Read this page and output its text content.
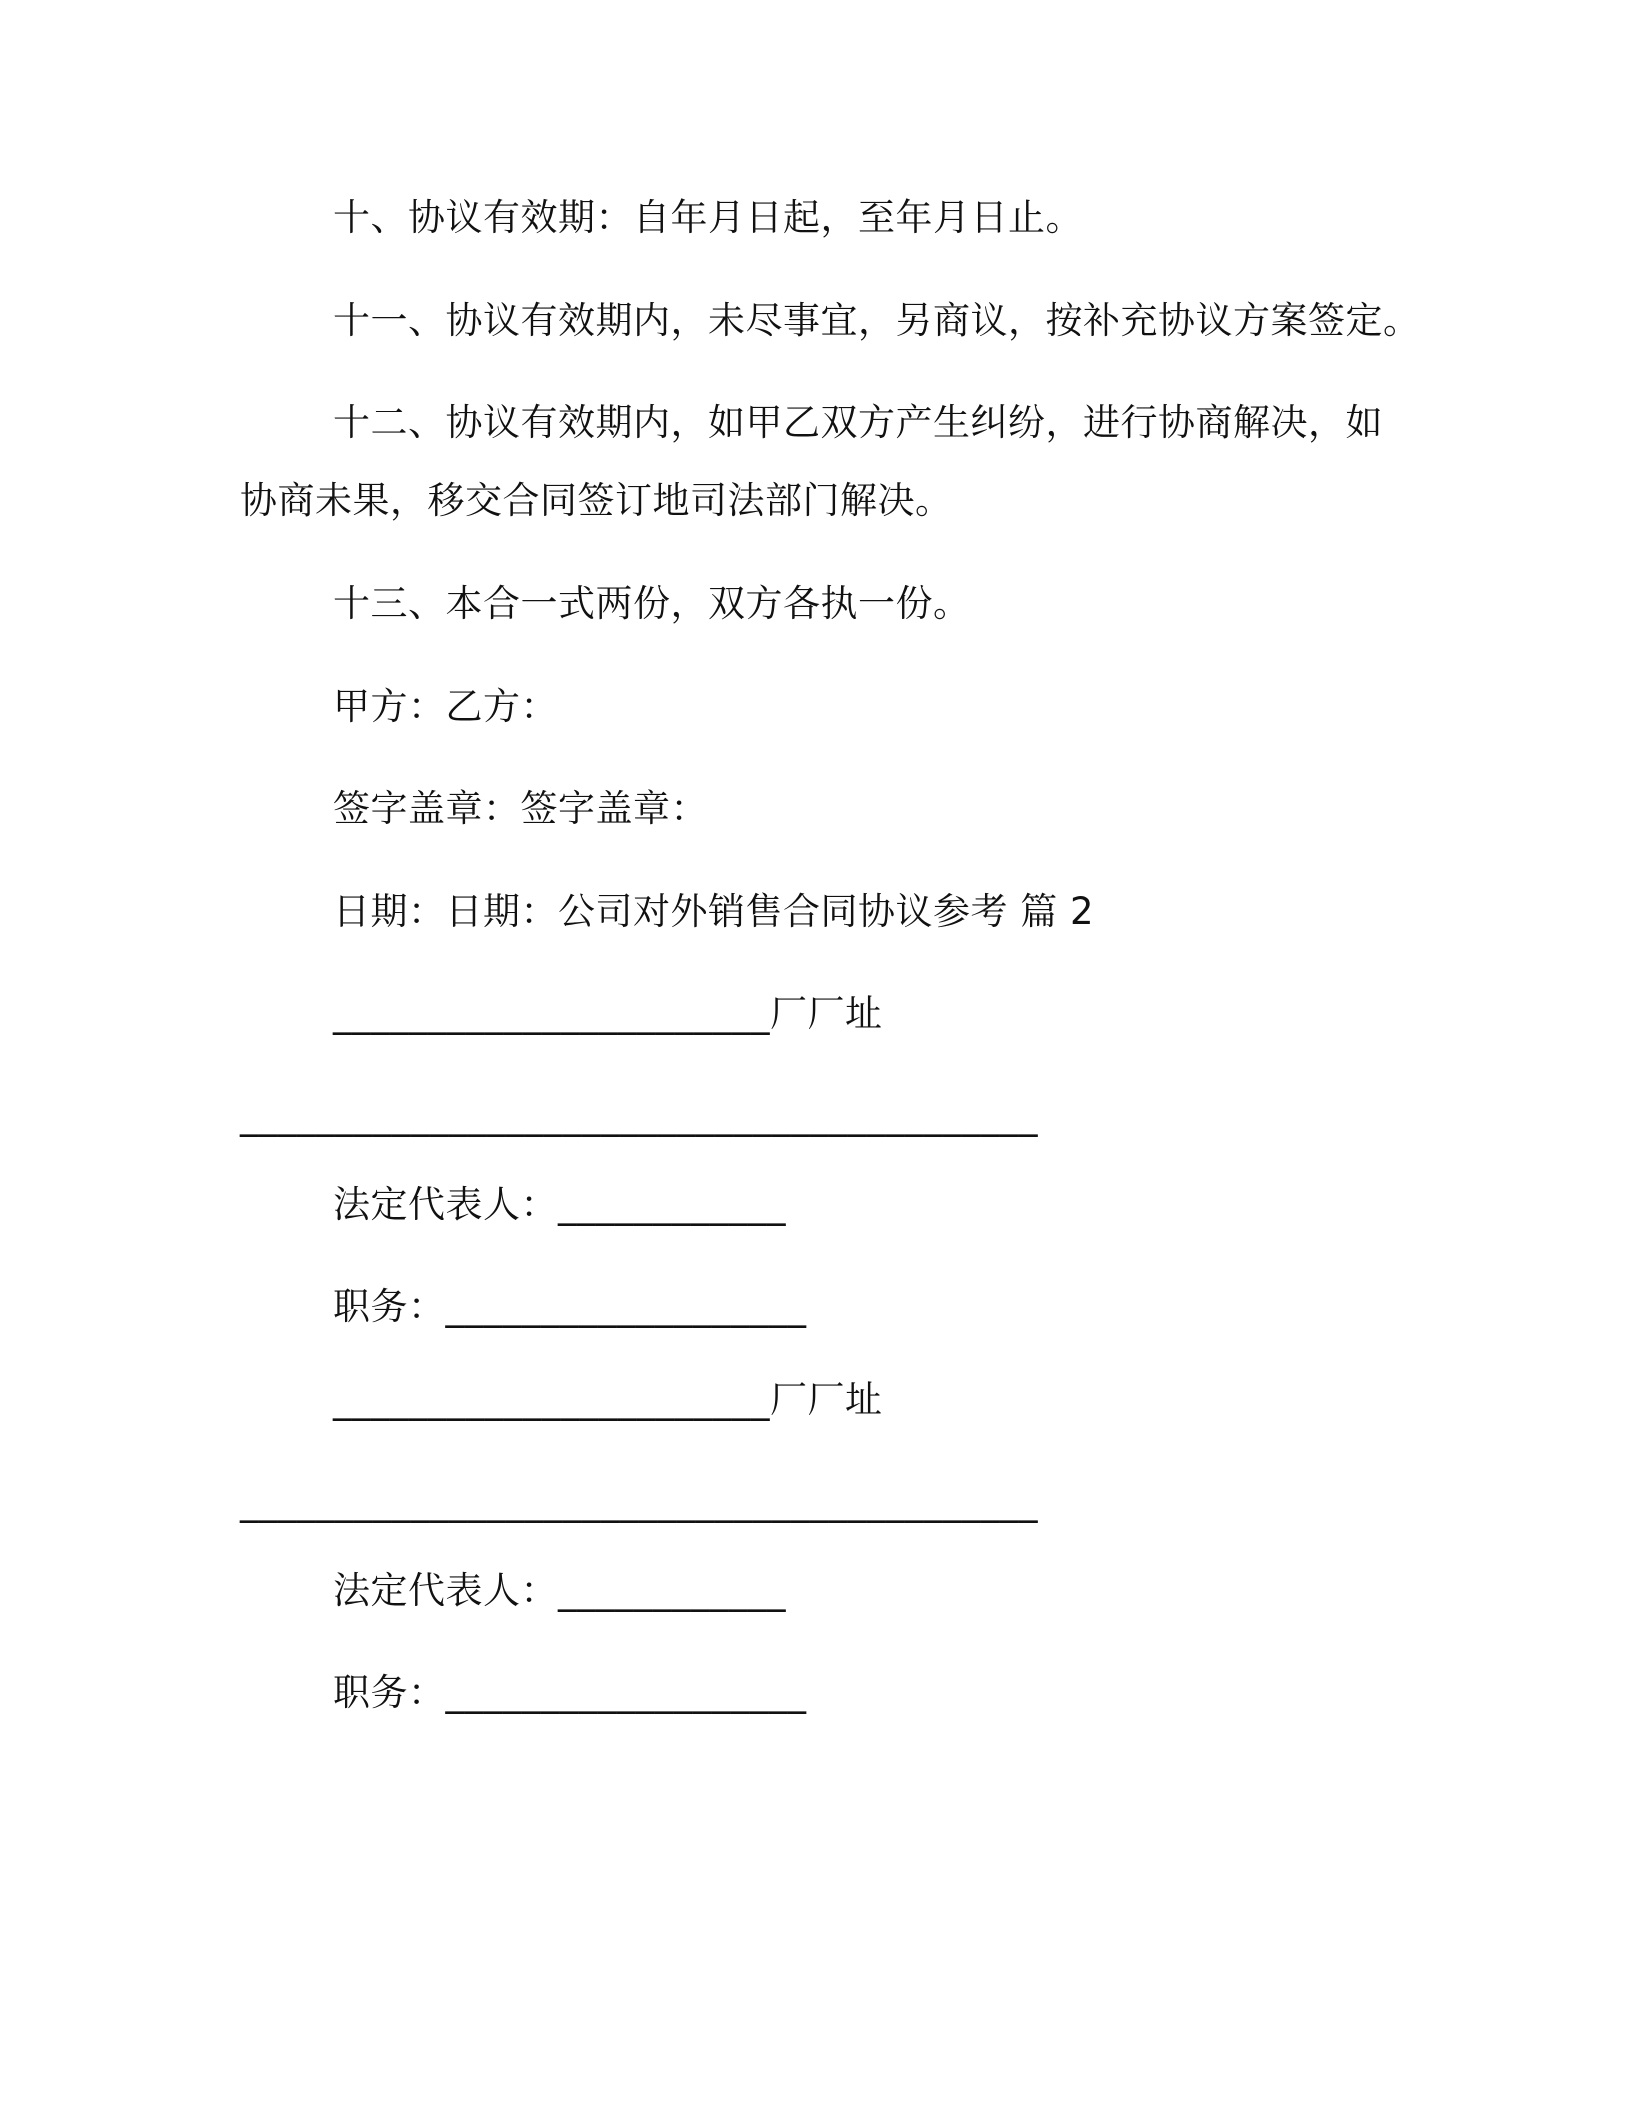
十、协议有效期：自年月日起，至年月日止。
十一、协议有效期内，未尽事宜，另商议，按补充协议方案签定。
十二、协议有效期内，如甲乙双方产生纠纷，进行协商解决，如
协商未果，移交合同签订地司法部门解决。
十三、本合一式两份，双方各执一份。
甲方：乙方：
签字盖章：签字盖章：
日期：日期：公司对外销售合同协议参考 篇 2
_______________________厂厂址
__________________________________________
法定代表人：____________
职务：___________________
_______________________厂厂址
__________________________________________
法定代表人：____________
职务：___________________
